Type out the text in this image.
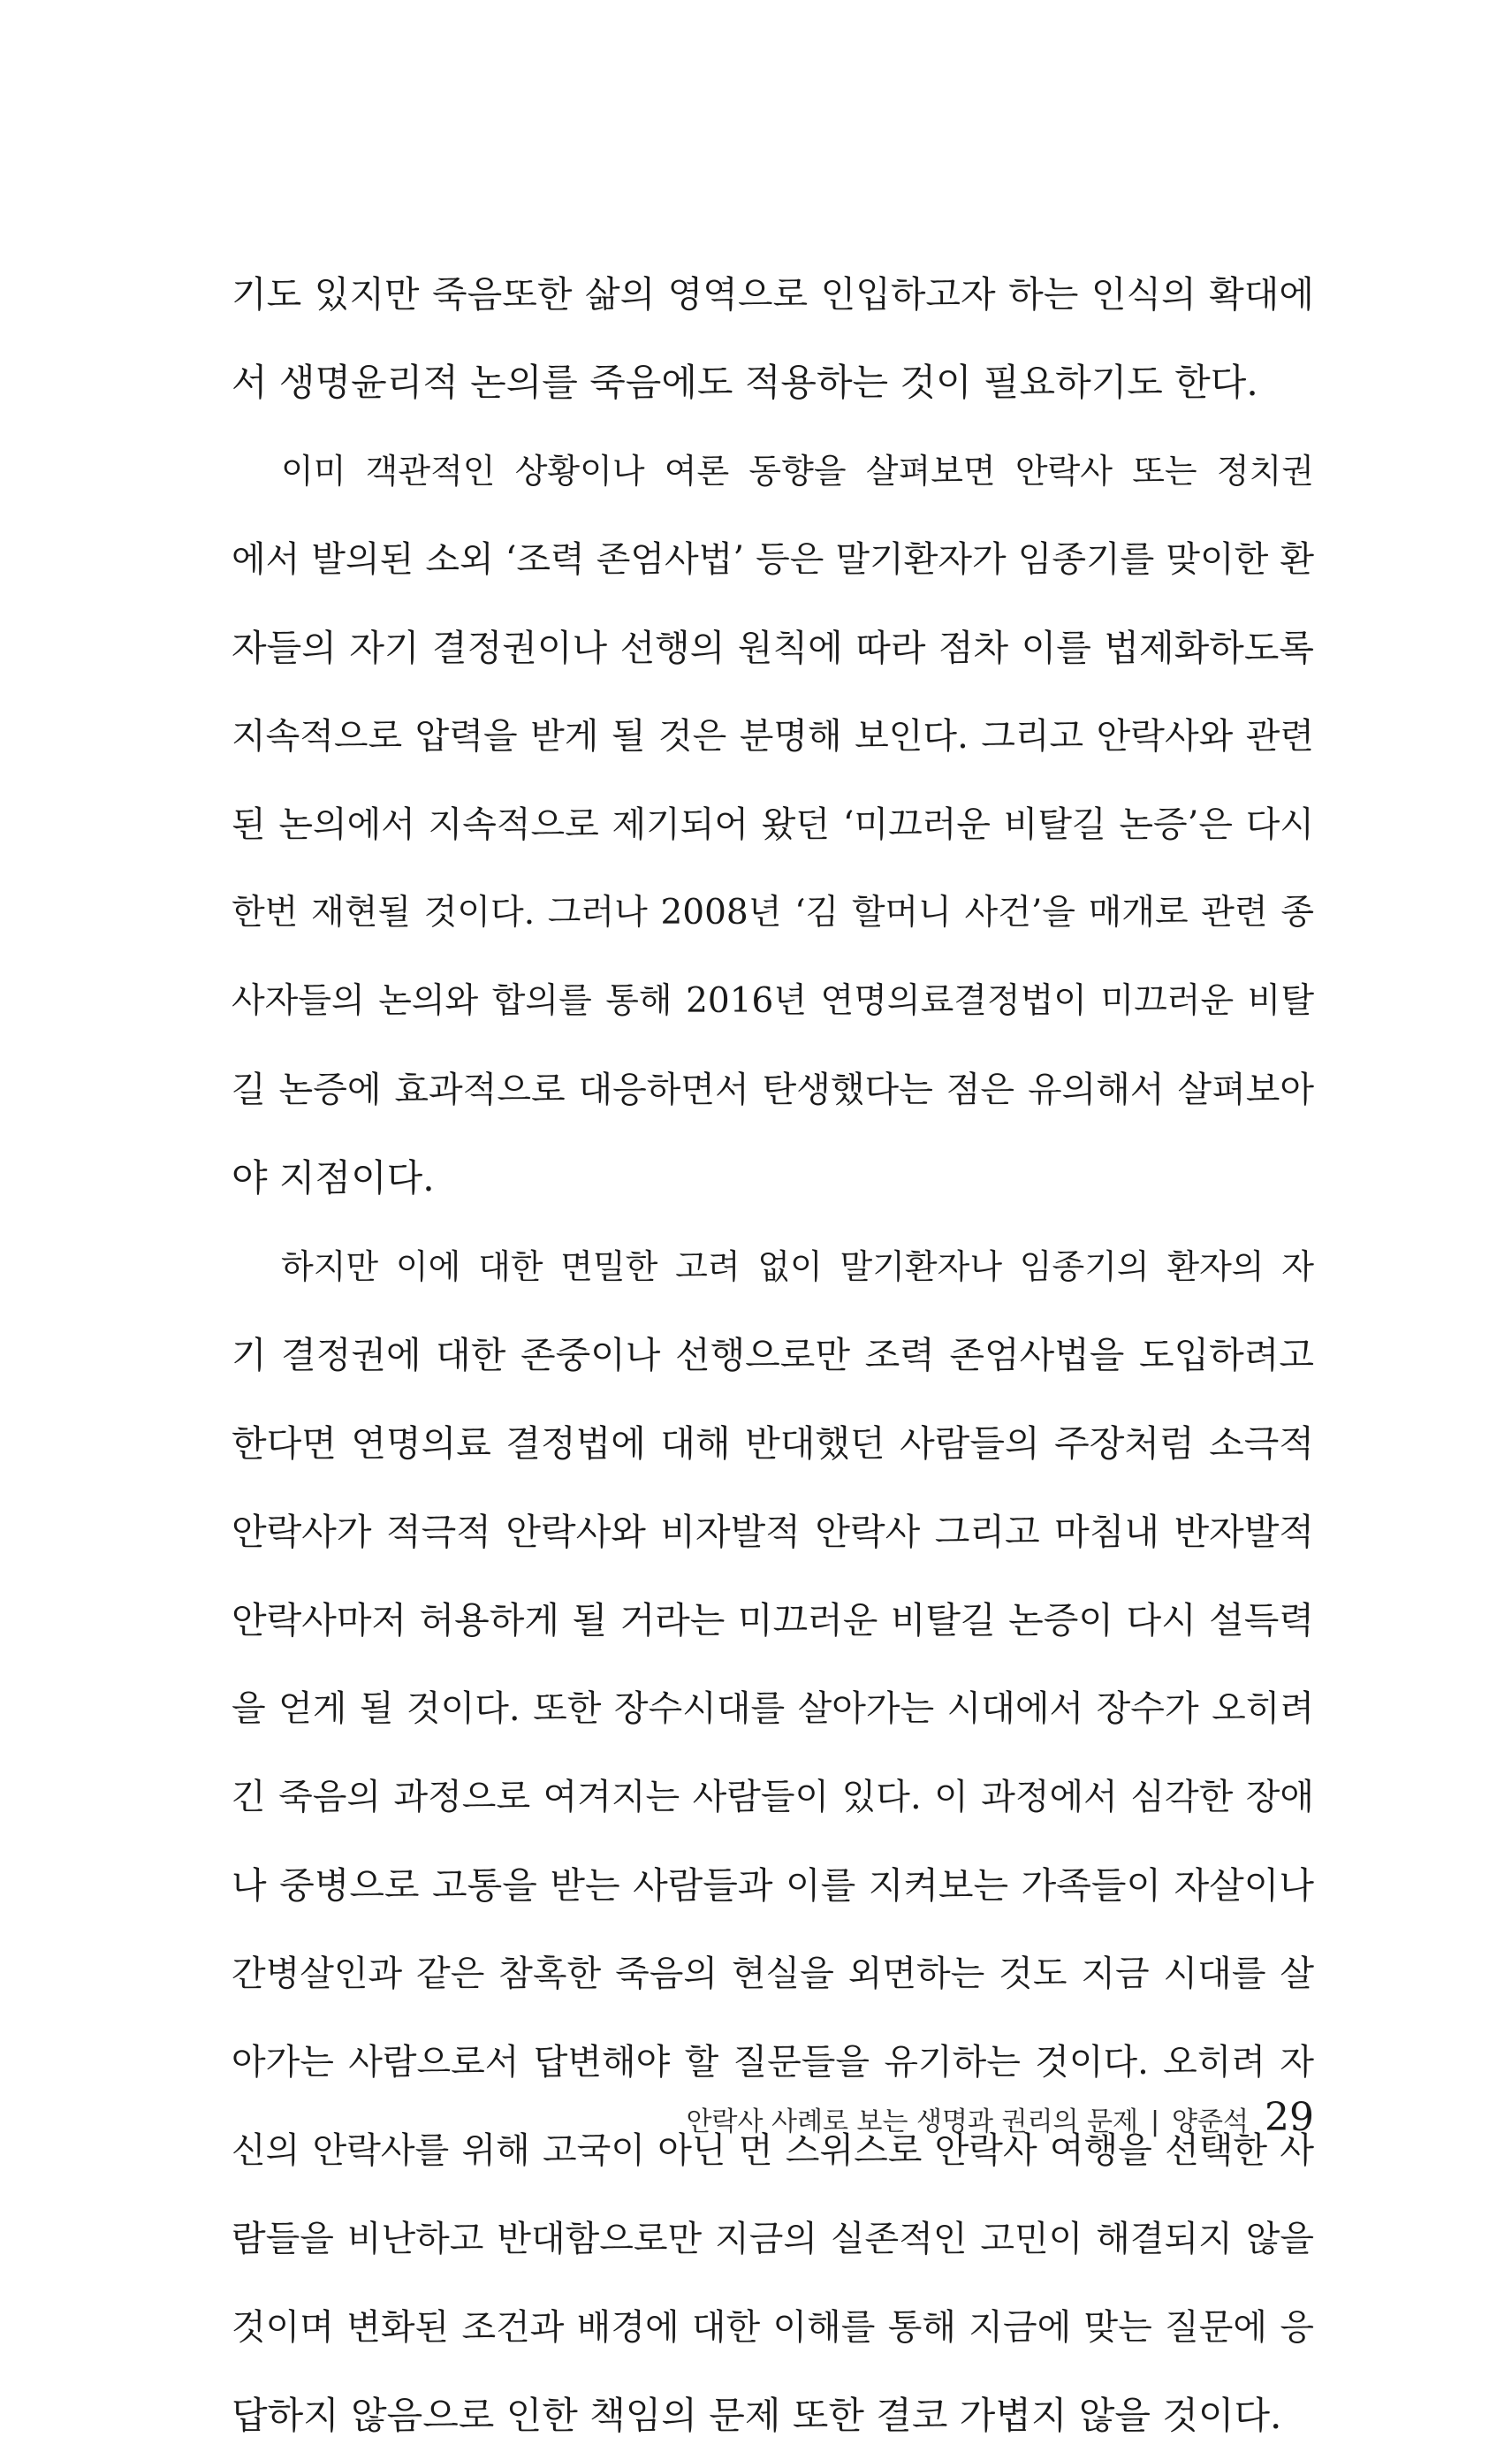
기도 있지만 죽음또한 삶의 영역으로 인입하고자 하는 인식의 확대에
서 생명윤리적 논의를 죽음에도 적용하는 것이 필요하기도 한다.
이미 객관적인 상황이나 여론 동향을 살펴보면 안락사 또는 정치권
에서 발의된 소외 ‘조력 존엄사법’ 등은 말기환자가 임종기를 맞이한 환
자들의 자기 결정권이나 선행의 원칙에 따라 점차 이를 법제화하도록
지속적으로 압력을 받게 될 것은 분명해 보인다. 그리고 안락사와 관련
된 논의에서 지속적으로 제기되어 왔던 ‘미끄러운 비탈길 논증’은 다시
한번 재현될 것이다. 그러나 2008년 ‘김 할머니 사건’을 매개로 관련 종
사자들의 논의와 합의를 통해 2016년 연명의료결정법이 미끄러운 비탈
길 논증에 효과적으로 대응하면서 탄생했다는 점은 유의해서 살펴보아
야 지점이다.
하지만 이에 대한 면밀한 고려 없이 말기환자나 임종기의 환자의 자
기 결정권에 대한 존중이나 선행으로만 조력 존엄사법을 도입하려고
한다면 연명의료 결정법에 대해 반대했던 사람들의 주장처럼 소극적
안락사가 적극적 안락사와 비자발적 안락사 그리고 마침내 반자발적
안락사마저 허용하게 될 거라는 미끄러운 비탈길 논증이 다시 설득력
을 얻게 될 것이다. 또한 장수시대를 살아가는 시대에서 장수가 오히려
긴 죽음의 과정으로 여겨지는 사람들이 있다. 이 과정에서 심각한 장애
나 중병으로 고통을 받는 사람들과 이를 지켜보는 가족들이 자살이나
간병살인과 같은 참혹한 죽음의 현실을 외면하는 것도 지금 시대를 살
아가는 사람으로서 답변해야 할 질문들을 유기하는 것이다. 오히려 자
신의 안락사를 위해 고국이 아닌 먼 스위스로 안락사 여행을 선택한 사
람들을 비난하고 반대함으로만 지금의 실존적인 고민이 해결되지 않을
것이며 변화된 조건과 배경에 대한 이해를 통해 지금에 맞는 질문에 응
답하지 않음으로 인한 책임의 문제 또한 결코 가볍지 않을 것이다.
안락사 사례로 보는 생명과 권리의 문제 | 양준석 29
